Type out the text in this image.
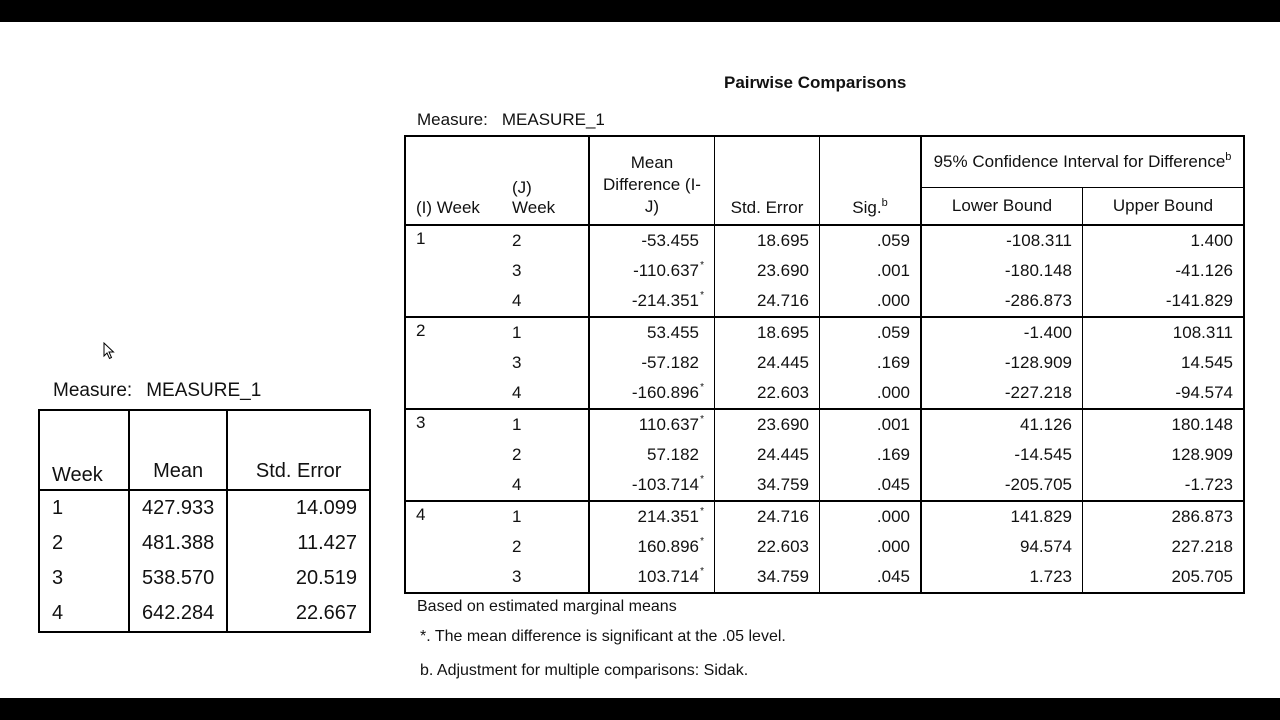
Pairwise Comparisons
Measure: MEASURE_1
(I) Week	(J) Week	Mean Difference (I-J)	Std. Error	Sig.$^b$	95% Confidence Interval for Difference$^b$
					Lower Bound	Upper Bound
1	2	-53.455	18.695	.059	-108.311	1.400
	3	-110.637*	23.690	.001	-180.148	-41.126
	4	-214.351*	24.716	.000	-286.873	-141.829
2	1	53.455	18.695	.059	-1.400	108.311
	3	-57.182	24.445	.169	-128.909	14.545
	4	-160.896*	22.603	.000	-227.218	-94.574
3	1	110.637*	23.690	.001	41.126	180.148
	2	57.182	24.445	.169	-14.545	128.909
	4	-103.714*	34.759	.045	-205.705	-1.723
4	1	214.351*	24.716	.000	141.829	286.873
	2	160.896*	22.603	.000	94.574	227.218
	3	103.714*	34.759	.045	1.723	205.705
Based on estimated marginal means
*. The mean difference is significant at the .05 level.
b. Adjustment for multiple comparisons: Sidak.
Measure: MEASURE_1
Week	Mean	Std. Error
1	427.933	14.099
2	481.388	11.427
3	538.570	20.519
4	642.284	22.667
